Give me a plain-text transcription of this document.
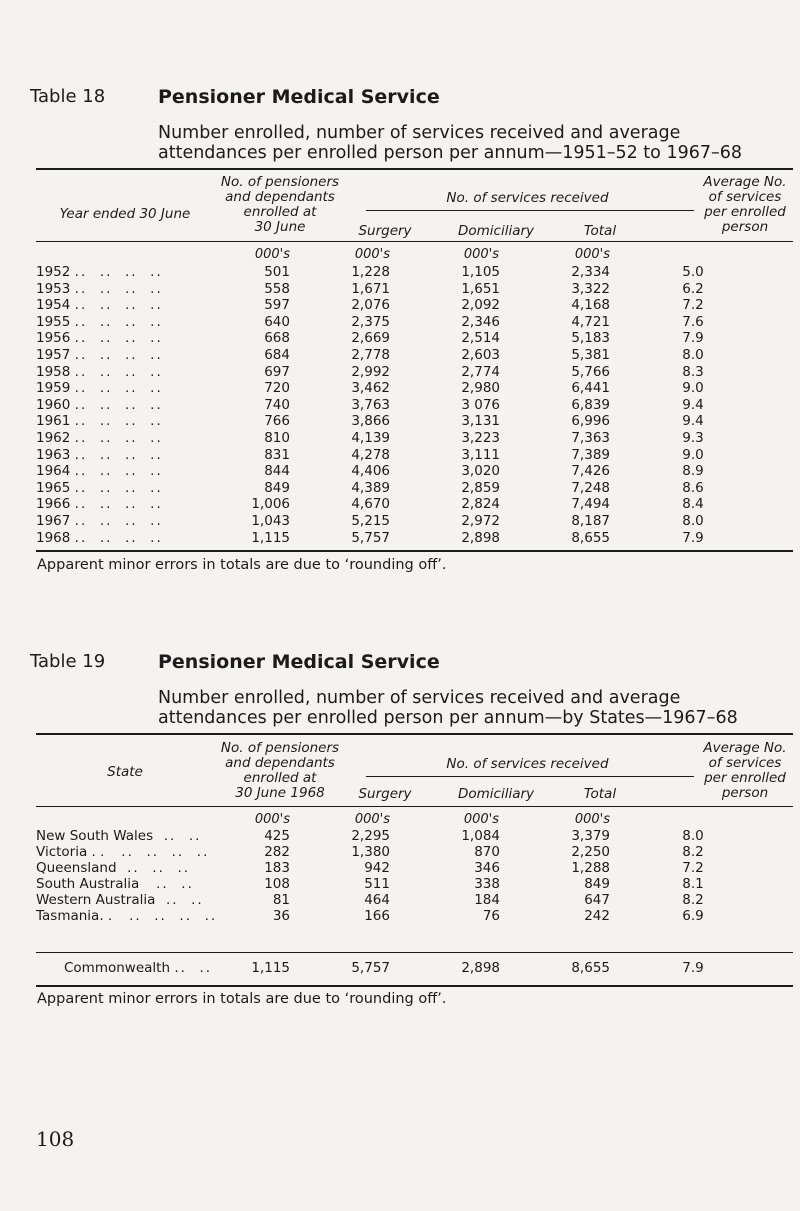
Table 18	Pensioner Medical Service
Number enrolled, number of services received and average attendances per enrolled person per annum—1951–52 to 1967–68
Year ended 30 June
No. of pensioners
and dependants
enrolled at
30 June
No. of services received
Surgery	Domiciliary	Total
Average No.
of services
per enrolled
person
000's	000's	000's	000's
1952 ..  ..  ..  ..	501	1,228	1,105	2,334	5.0
1953 ..  ..  ..  ..	558	1,671	1,651	3,322	6.2
1954 ..  ..  ..  ..	597	2,076	2,092	4,168	7.2
1955 ..  ..  ..  ..	640	2,375	2,346	4,721	7.6
1956 ..  ..  ..  ..	668	2,669	2,514	5,183	7.9
1957 ..  ..  ..  ..	684	2,778	2,603	5,381	8.0
1958 ..  ..  ..  ..	697	2,992	2,774	5,766	8.3
1959 ..  ..  ..  ..	720	3,462	2,980	6,441	9.0
1960 ..  ..  ..  ..	740	3,763	3 076	6,839	9.4
1961 ..  ..  ..  ..	766	3,866	3,131	6,996	9.4
1962 ..  ..  ..  ..	810	4,139	3,223	7,363	9.3
1963 ..  ..  ..  ..	831	4,278	3,111	7,389	9.0
1964 ..  ..  ..  ..	844	4,406	3,020	7,426	8.9
1965 ..  ..  ..  ..	849	4,389	2,859	7,248	8.6
1966 ..  ..  ..  ..	1,006	4,670	2,824	7,494	8.4
1967 ..  ..  ..  ..	1,043	5,215	2,972	8,187	8.0
1968 ..  ..  ..  ..	1,115	5,757	2,898	8,655	7.9
Apparent minor errors in totals are due to ‘rounding off’.
Table 19	Pensioner Medical Service
Number enrolled, number of services received and average attendances per enrolled person per annum—by States—1967–68
State
No. of pensioners
and dependants
enrolled at
30 June 1968
No. of services received
Surgery	Domiciliary	Total
Average No.
of services
per enrolled
person
000's	000's	000's	000's
New South Wales  ..  ..	425	2,295	1,084	3,379	8.0
Victoria . .   ..  ..  ..  ..	282	1,380	870	2,250	8.2
Queensland  ..  ..  ..	183	942	346	1,288	7.2
South Australia   ..  ..	108	511	338	849	8.1
Western Australia  ..  ..	81	464	184	647	8.2
Tasmania. .   ..  ..  ..  ..	36	166	76	242	6.9
Commonwealth ..  ..	1,115	5,757	2,898	8,655	7.9
Apparent minor errors in totals are due to ‘rounding off’.
108
